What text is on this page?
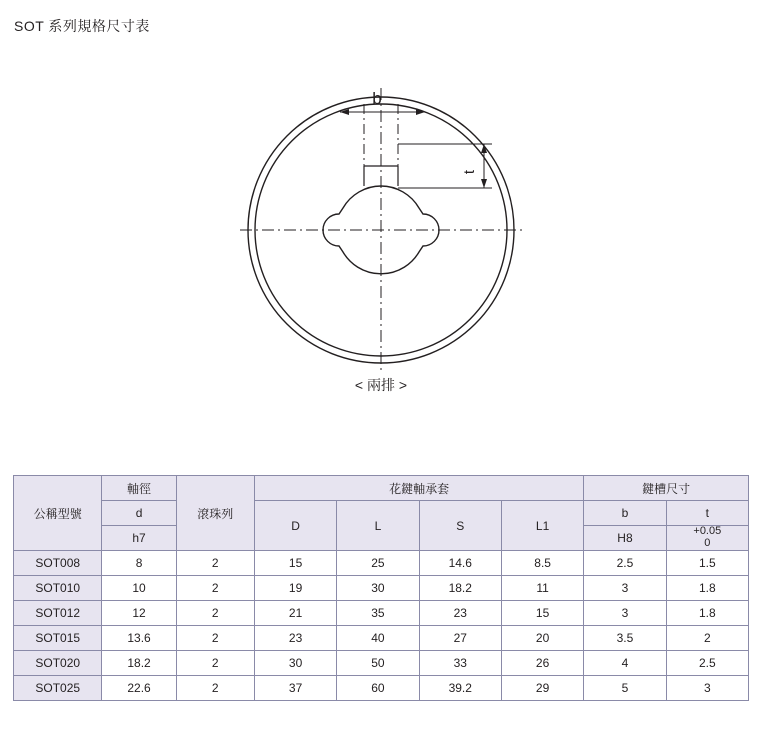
SOT 系列規格尺寸表
b
t
< 兩排 >
公稱型號	軸徑	滾珠列	花鍵軸承套				鍵槽尺寸	
	d		D	L	S	L1	b	t
	h7						H8	+0.05
0

SOT008	8	2	15	25	14.6	8.5	2.5	1.5
SOT010	10	2	19	30	18.2	11	3	1.8
SOT012	12	2	21	35	23	15	3	1.8
SOT015	13.6	2	23	40	27	20	3.5	2
SOT020	18.2	2	30	50	33	26	4	2.5
SOT025	22.6	2	37	60	39.2	29	5	3
